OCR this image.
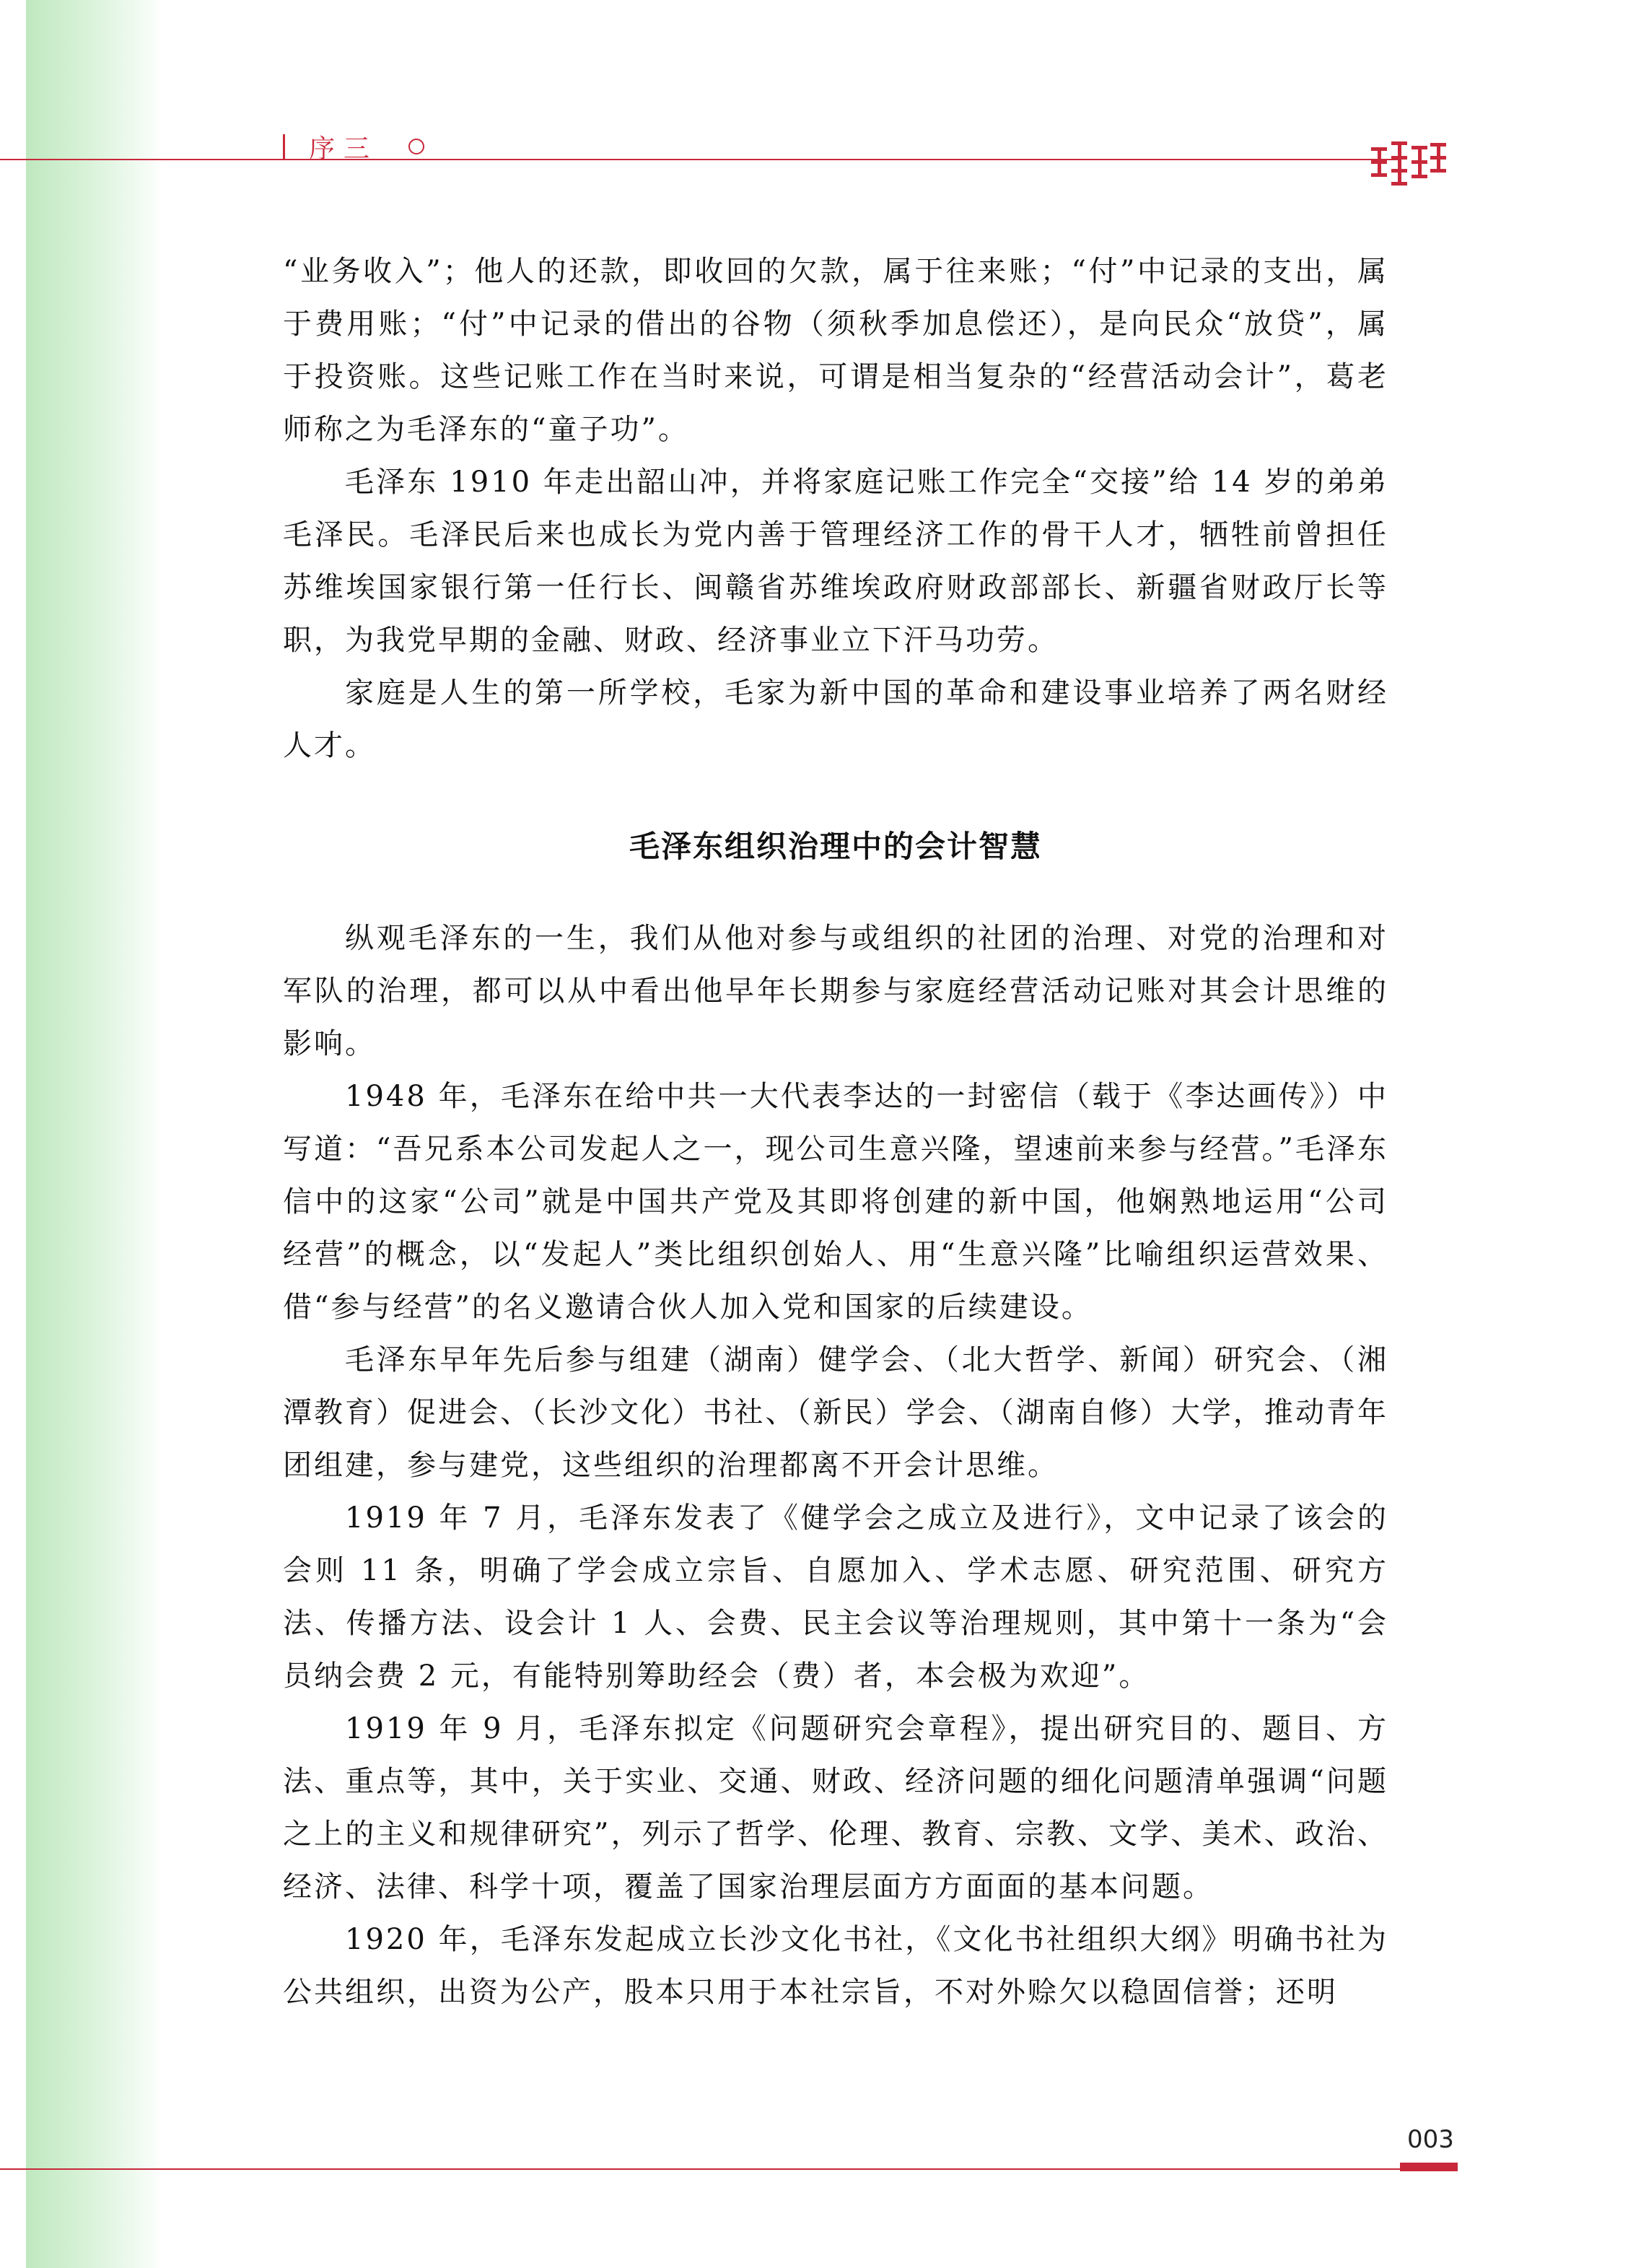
序三

“业务收入”；他人的还款，即收回的欠款，属于往来账；“付”中记录的支出，属于费用账；“付”中记录的借出的谷物（须秋季加息偿还），是向民众“放贷”，属于投资账。这些记账工作在当时来说，可谓是相当复杂的“经营活动会计”，葛老师称之为毛泽东的“童子功”。

毛泽东 1910 年走出韶山冲，并将家庭记账工作完全“交接”给 14 岁的弟弟毛泽民。毛泽民后来也成长为党内善于管理经济工作的骨干人才，牺牲前曾担任苏维埃国家银行第一任行长、闽赣省苏维埃政府财政部部长、新疆省财政厅长等职，为我党早期的金融、财政、经济事业立下汗马功劳。

家庭是人生的第一所学校，毛家为新中国的革命和建设事业培养了两名财经人才。

毛泽东组织治理中的会计智慧

纵观毛泽东的一生，我们从他对参与或组织的社团的治理、对党的治理和对军队的治理，都可以从中看出他早年长期参与家庭经营活动记账对其会计思维的影响。

1948 年，毛泽东在给中共一大代表李达的一封密信（载于《李达画传》）中写道：“吾兄系本公司发起人之一，现公司生意兴隆，望速前来参与经营。”毛泽东信中的这家“公司”就是中国共产党及其即将创建的新中国，他娴熟地运用“公司经营”的概念，以“发起人”类比组织创始人、用“生意兴隆”比喻组织运营效果、借“参与经营”的名义邀请合伙人加入党和国家的后续建设。

毛泽东早年先后参与组建（湖南）健学会、（北大哲学、新闻）研究会、（湘潭教育）促进会、（长沙文化）书社、（新民）学会、（湖南自修）大学，推动青年团组建，参与建党，这些组织的治理都离不开会计思维。

1919 年 7 月，毛泽东发表了《健学会之成立及进行》，文中记录了该会的会则 11 条，明确了学会成立宗旨、自愿加入、学术志愿、研究范围、研究方法、传播方法、设会计 1 人、会费、民主会议等治理规则，其中第十一条为“会员纳会费 2 元，有能特别筹助经会（费）者，本会极为欢迎”。

1919 年 9 月，毛泽东拟定《问题研究会章程》，提出研究目的、题目、方法、重点等，其中，关于实业、交通、财政、经济问题的细化问题清单强调“问题之上的主义和规律研究”，列示了哲学、伦理、教育、宗教、文学、美术、政治、经济、法律、科学十项，覆盖了国家治理层面方方面面的基本问题。

1920 年，毛泽东发起成立长沙文化书社，《文化书社组织大纲》明确书社为公共组织，出资为公产，股本只用于本社宗旨，不对外赊欠以稳固信誉；还明

003
